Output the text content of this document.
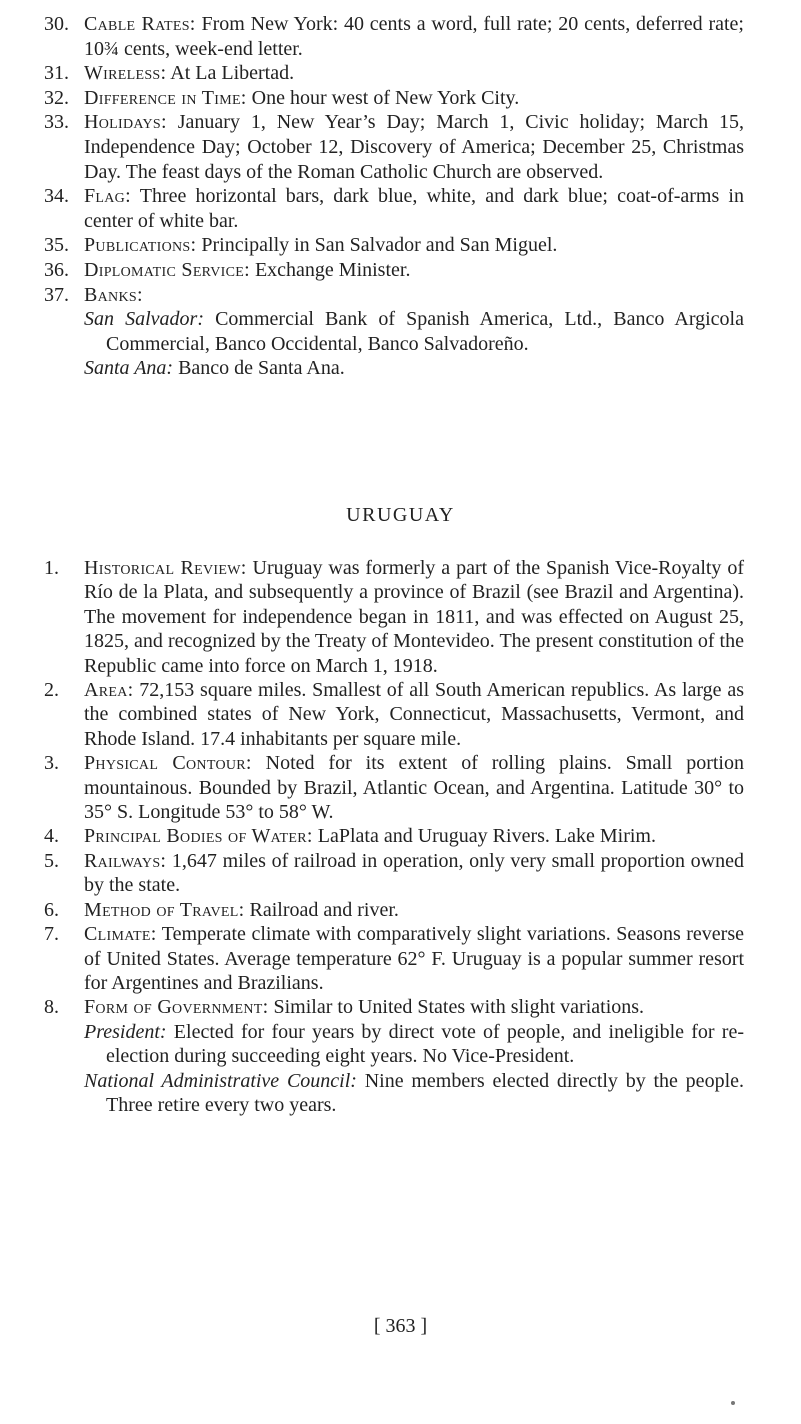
30. Cable Rates: From New York: 40 cents a word, full rate; 20 cents, deferred rate; 10¾ cents, week-end letter.
31. Wireless: At La Libertad.
32. Difference in Time: One hour west of New York City.
33. Holidays: January 1, New Year’s Day; March 1, Civic holiday; March 15, Independence Day; October 12, Discovery of America; December 25, Christmas Day. The feast days of the Roman Catholic Church are observed.
34. Flag: Three horizontal bars, dark blue, white, and dark blue; coat-of-arms in center of white bar.
35. Publications: Principally in San Salvador and San Miguel.
36. Diplomatic Service: Exchange Minister.
37. Banks:
San Salvador: Commercial Bank of Spanish America, Ltd., Banco Argicola Commercial, Banco Occidental, Banco Salvadoreño.
Santa Ana: Banco de Santa Ana.
URUGUAY
1. Historical Review: Uruguay was formerly a part of the Spanish Vice-Royalty of Río de la Plata, and subsequently a province of Brazil (see Brazil and Argentina). The movement for independence began in 1811, and was effected on August 25, 1825, and recognized by the Treaty of Montevideo. The present constitution of the Republic came into force on March 1, 1918.
2. Area: 72,153 square miles. Smallest of all South American republics. As large as the combined states of New York, Connecticut, Massachusetts, Vermont, and Rhode Island. 17.4 inhabitants per square mile.
3. Physical Contour: Noted for its extent of rolling plains. Small portion mountainous. Bounded by Brazil, Atlantic Ocean, and Argentina. Latitude 30° to 35° S. Longitude 53° to 58° W.
4. Principal Bodies of Water: LaPlata and Uruguay Rivers. Lake Mirim.
5. Railways: 1,647 miles of railroad in operation, only very small proportion owned by the state.
6. Method of Travel: Railroad and river.
7. Climate: Temperate climate with comparatively slight variations. Seasons reverse of United States. Average temperature 62° F. Uruguay is a popular summer resort for Argentines and Brazilians.
8. Form of Government: Similar to United States with slight variations.
President: Elected for four years by direct vote of people, and ineligible for re-election during succeeding eight years. No Vice-President.
National Administrative Council: Nine members elected directly by the people. Three retire every two years.
[ 363 ]
